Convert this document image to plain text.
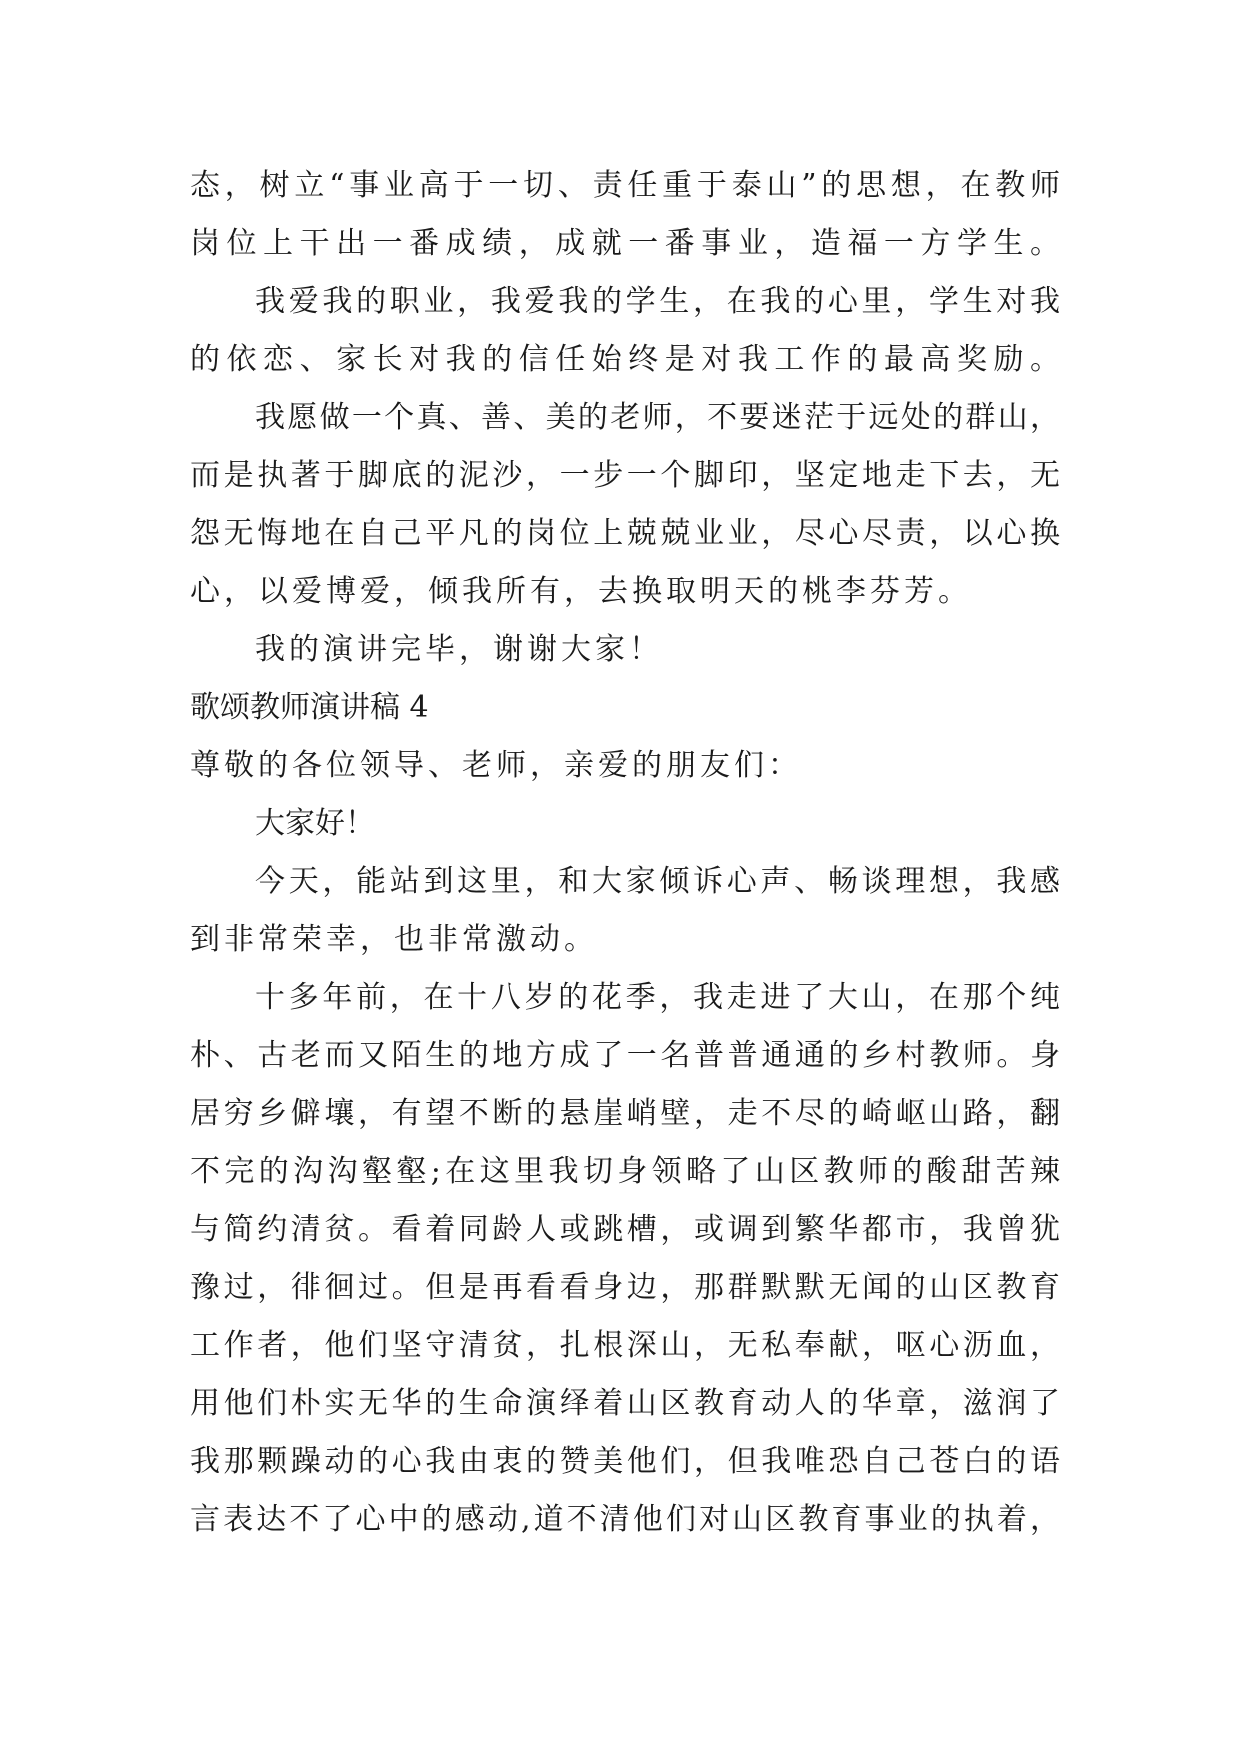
态，树立“事业高于一切、责任重于泰山”的思想，在教师
岗位上干出一番成绩，成就一番事业，造福一方学生。
我爱我的职业，我爱我的学生，在我的心里，学生对我
的依恋、家长对我的信任始终是对我工作的最高奖励。
我愿做一个真、善、美的老师，不要迷茫于远处的群山，
而是执著于脚底的泥沙，一步一个脚印，坚定地走下去，无
怨无悔地在自己平凡的岗位上兢兢业业，尽心尽责，以心换
心，以爱博爱，倾我所有，去换取明天的桃李芬芳。
我的演讲完毕，谢谢大家！
歌颂教师演讲稿 4
尊敬的各位领导、老师，亲爱的朋友们：
大家好！
今天，能站到这里，和大家倾诉心声、畅谈理想，我感
到非常荣幸，也非常激动。
十多年前，在十八岁的花季，我走进了大山，在那个纯
朴、古老而又陌生的地方成了一名普普通通的乡村教师。身
居穷乡僻壤，有望不断的悬崖峭壁，走不尽的崎岖山路，翻
不完的沟沟壑壑;在这里我切身领略了山区教师的酸甜苦辣
与简约清贫。看着同龄人或跳槽，或调到繁华都市，我曾犹
豫过，徘徊过。但是再看看身边，那群默默无闻的山区教育
工作者，他们坚守清贫，扎根深山，无私奉献，呕心沥血，
用他们朴实无华的生命演绎着山区教育动人的华章，滋润了
我那颗躁动的心我由衷的赞美他们，但我唯恐自己苍白的语
言表达不了心中的感动,道不清他们对山区教育事业的执着，
